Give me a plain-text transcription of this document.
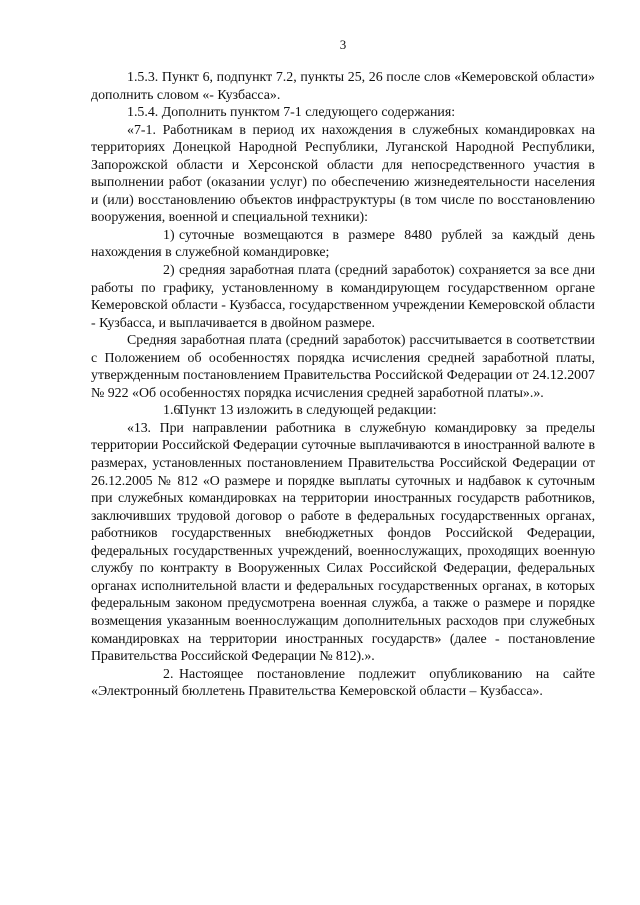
3

1.5.3. Пункт 6, подпункт 7.2, пункты 25, 26 после слов «Кемеровской области» дополнить словом «- Кузбасса».

1.5.4. Дополнить пунктом 7-1 следующего содержания:

«7-1. Работникам в период их нахождения в служебных командировках на территориях Донецкой Народной Республики, Луганской Народной Республики, Запорожской области и Херсонской области для непосредственного участия в выполнении работ (оказании услуг) по обеспечению жизнедеятельности населения и (или) восстановлению объектов инфраструктуры (в том числе по восстановлению вооружения, военной и специальной техники):

1) суточные возмещаются в размере 8480 рублей за каждый день нахождения в служебной командировке;

2) средняя заработная плата (средний заработок) сохраняется за все дни работы по графику, установленному в командирующем государственном органе Кемеровской области - Кузбасса, государственном учреждении Кемеровской области - Кузбасса, и выплачивается в двойном размере.

Средняя заработная плата (средний заработок) рассчитывается в соответствии с Положением об особенностях порядка исчисления средней заработной платы, утвержденным постановлением Правительства Российской Федерации от 24.12.2007 № 922 «Об особенностях порядка исчисления средней заработной платы».».

1.6.Пункт 13 изложить в следующей редакции:

«13. При направлении работника в служебную командировку за пределы территории Российской Федерации суточные выплачиваются в иностранной валюте в размерах, установленных постановлением Правительства Российской Федерации от 26.12.2005 № 812 «О размере и порядке выплаты суточных и надбавок к суточным при служебных командировках на территории иностранных государств работников, заключивших трудовой договор о работе в федеральных государственных органах, работников государственных внебюджетных фондов Российской Федерации, федеральных государственных учреждений, военнослужащих, проходящих военную службу по контракту в Вооруженных Силах Российской Федерации, федеральных органах исполнительной власти и федеральных государственных органах, в которых федеральным законом предусмотрена военная служба, а также о размере и порядке возмещения указанным военнослужащим дополнительных расходов при служебных командировках на территории иностранных государств» (далее - постановление Правительства Российской Федерации № 812).».

2. Настоящее постановление подлежит опубликованию на сайте «Электронный бюллетень Правительства Кемеровской области – Кузбасса».
